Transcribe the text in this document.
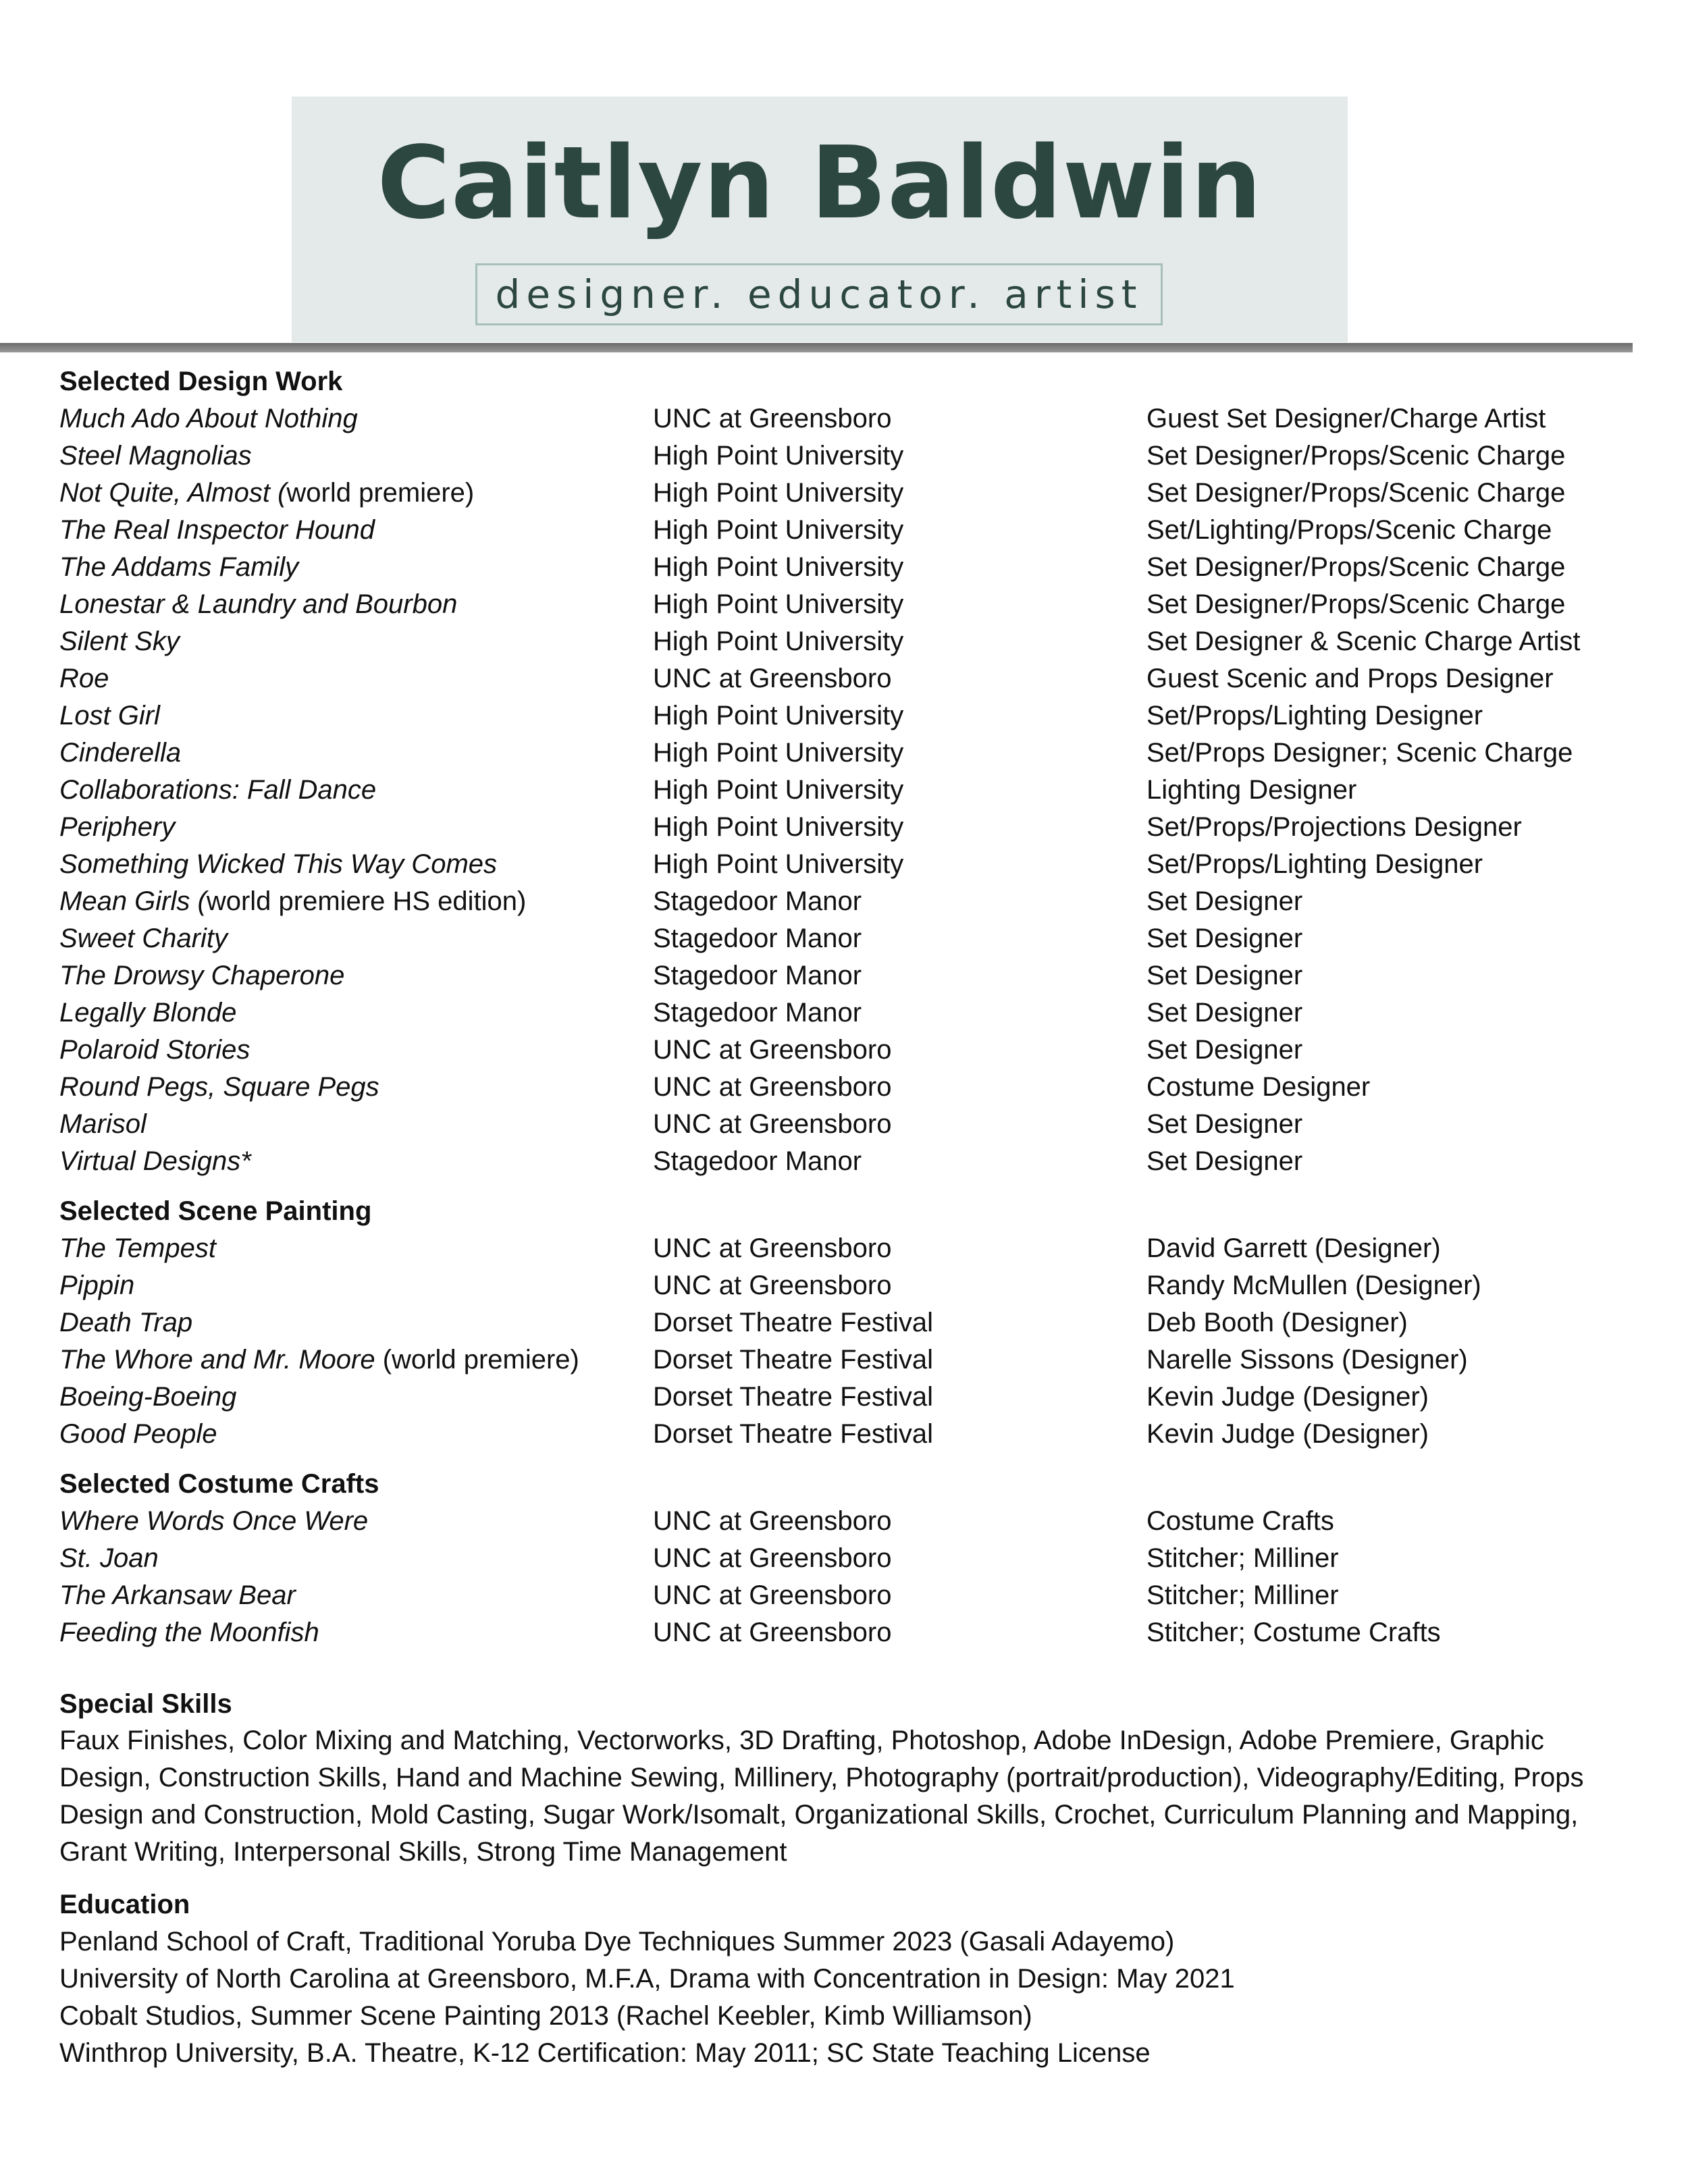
Caitlyn Baldwin
designer. educator. artist
Selected Design Work
Much Ado About Nothing	UNC at Greensboro	Guest Set Designer/Charge Artist
Steel Magnolias	High Point University	Set Designer/Props/Scenic Charge
Not Quite, Almost (world premiere)	High Point University	Set Designer/Props/Scenic Charge
The Real Inspector Hound	High Point University	Set/Lighting/Props/Scenic Charge
The Addams Family	High Point University	Set Designer/Props/Scenic Charge
Lonestar & Laundry and Bourbon	High Point University	Set Designer/Props/Scenic Charge
Silent Sky	High Point University	Set Designer & Scenic Charge Artist
Roe	UNC at Greensboro	Guest Scenic and Props Designer
Lost Girl	High Point University	Set/Props/Lighting Designer
Cinderella	High Point University	Set/Props Designer; Scenic Charge
Collaborations: Fall Dance	High Point University	Lighting Designer
Periphery	High Point University	Set/Props/Projections Designer
Something Wicked This Way Comes	High Point University	Set/Props/Lighting Designer
Mean Girls (world premiere HS edition)	Stagedoor Manor	Set Designer
Sweet Charity	Stagedoor Manor	Set Designer
The Drowsy Chaperone	Stagedoor Manor	Set Designer
Legally Blonde	Stagedoor Manor	Set Designer
Polaroid Stories	UNC at Greensboro	Set Designer
Round Pegs, Square Pegs	UNC at Greensboro	Costume Designer
Marisol	UNC at Greensboro	Set Designer
Virtual Designs*	Stagedoor Manor	Set Designer
Selected Scene Painting
The Tempest	UNC at Greensboro	David Garrett (Designer)
Pippin	UNC at Greensboro	Randy McMullen (Designer)
Death Trap	Dorset Theatre Festival	Deb Booth (Designer)
The Whore and Mr. Moore (world premiere)	Dorset Theatre Festival	Narelle Sissons (Designer)
Boeing-Boeing	Dorset Theatre Festival	Kevin Judge (Designer)
Good People	Dorset Theatre Festival	Kevin Judge (Designer)
Selected Costume Crafts
Where Words Once Were	UNC at Greensboro	Costume Crafts
St. Joan	UNC at Greensboro	Stitcher; Milliner
The Arkansaw Bear	UNC at Greensboro	Stitcher; Milliner
Feeding the Moonfish	UNC at Greensboro	Stitcher; Costume Crafts
Special Skills
Faux Finishes, Color Mixing and Matching, Vectorworks, 3D Drafting, Photoshop, Adobe InDesign, Adobe Premiere, Graphic Design, Construction Skills, Hand and Machine Sewing, Millinery, Photography (portrait/production), Videography/Editing, Props Design and Construction, Mold Casting, Sugar Work/Isomalt, Organizational Skills, Crochet, Curriculum Planning and Mapping, Grant Writing, Interpersonal Skills, Strong Time Management
Education
Penland School of Craft, Traditional Yoruba Dye Techniques Summer 2023 (Gasali Adayemo)
University of North Carolina at Greensboro, M.F.A, Drama with Concentration in Design: May 2021
Cobalt Studios, Summer Scene Painting 2013 (Rachel Keebler, Kimb Williamson)
Winthrop University, B.A. Theatre, K-12 Certification: May 2011; SC State Teaching License
